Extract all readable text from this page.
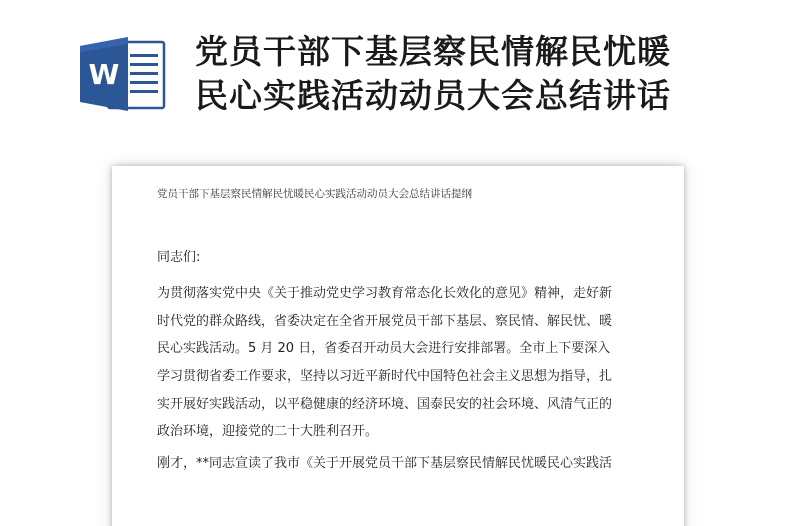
W
党员干部下基层察民情解民忧暖
民心实践活动动员大会总结讲话
党员干部下基层察民情解民忧暖民心实践活动动员大会总结讲话提纲
同志们:
为贯彻落实党中央《关于推动党史学习教育常态化长效化的意见》精神，走好新
时代党的群众路线，省委决定在全省开展党员干部下基层、察民情、解民忧、暖
民心实践活动。5 月 20 日，省委召开动员大会进行安排部署。全市上下要深入
学习贯彻省委工作要求，坚持以习近平新时代中国特色社会主义思想为指导，扎
实开展好实践活动，以平稳健康的经济环境、国泰民安的社会环境、风清气正的
政治环境，迎接党的二十大胜利召开。
刚才，**同志宣读了我市《关于开展党员干部下基层察民情解民忧暖民心实践活
